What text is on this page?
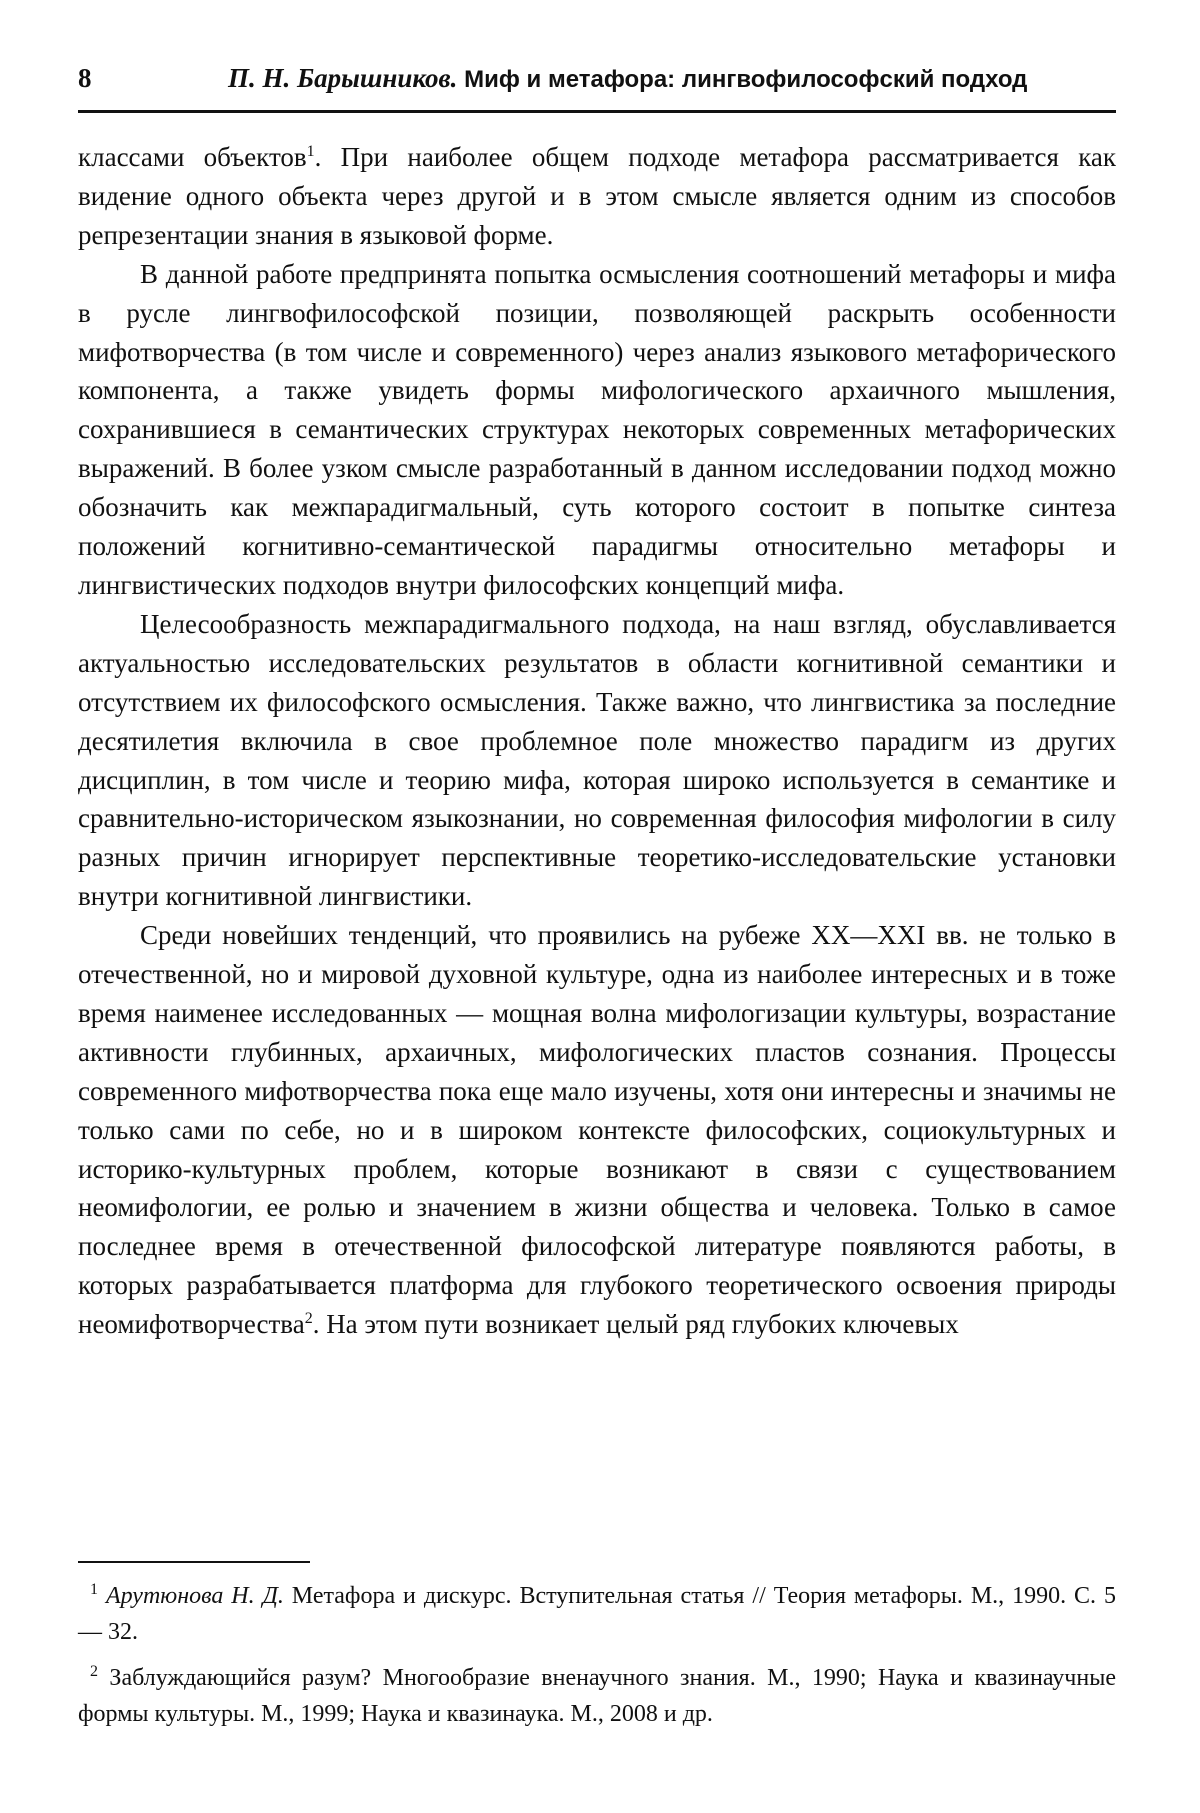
8	П. Н. Барышников. Миф и метафора: лингвофилософский подход

классами объектов$^1$. При наиболее общем подходе метафора рассматривается как видение одного объекта через другой и в этом смысле является одним из способов репрезентации знания в языковой форме.

В данной работе предпринята попытка осмысления соотношений метафоры и мифа в русле лингвофилософской позиции, позволяющей раскрыть особенности мифотворчества (в том числе и современного) через анализ языкового метафорического компонента, а также увидеть формы мифологического архаичного мышления, сохранившиеся в семантических структурах некоторых современных метафорических выражений. В более узком смысле разработанный в данном исследовании подход можно обозначить как межпарадигмальный, суть которого состоит в попытке синтеза положений когнитивно-семантической парадигмы относительно метафоры и лингвистических подходов внутри философских концепций мифа.

Целесообразность межпарадигмального подхода, на наш взгляд, обуславливается актуальностью исследовательских результатов в области когнитивной семантики и отсутствием их философского осмысления. Также важно, что лингвистика за последние десятилетия включила в свое проблемное поле множество парадигм из других дисциплин, в том числе и теорию мифа, которая широко используется в семантике и сравнительно-историческом языкознании, но современная философия мифологии в силу разных причин игнорирует перспективные теоретико-исследовательские установки внутри когнитивной лингвистики.

Среди новейших тенденций, что проявились на рубеже XX—XXI вв. не только в отечественной, но и мировой духовной культуре, одна из наиболее интересных и в тоже время наименее исследованных — мощная волна мифологизации культуры, возрастание активности глубинных, архаичных, мифологических пластов сознания. Процессы современного мифотворчества пока еще мало изучены, хотя они интересны и значимы не только сами по себе, но и в широком контексте философских, социокультурных и историко-культурных проблем, которые возникают в связи с существованием неомифологии, ее ролью и значением в жизни общества и человека. Только в самое последнее время в отечественной философской литературе появляются работы, в которых разрабатывается платформа для глубокого теоретического освоения природы неомифотворчества$^2$. На этом пути возникает целый ряд глубоких ключевых

$^1$ Арутюнова Н. Д. Метафора и дискурс. Вступительная статья // Теория метафоры. М., 1990. С. 5 — 32.

$^2$ Заблуждающийся разум? Многообразие вненаучного знания. М., 1990; Наука и квазинаучные формы культуры. М., 1999; Наука и квазинаука. М., 2008 и др.
